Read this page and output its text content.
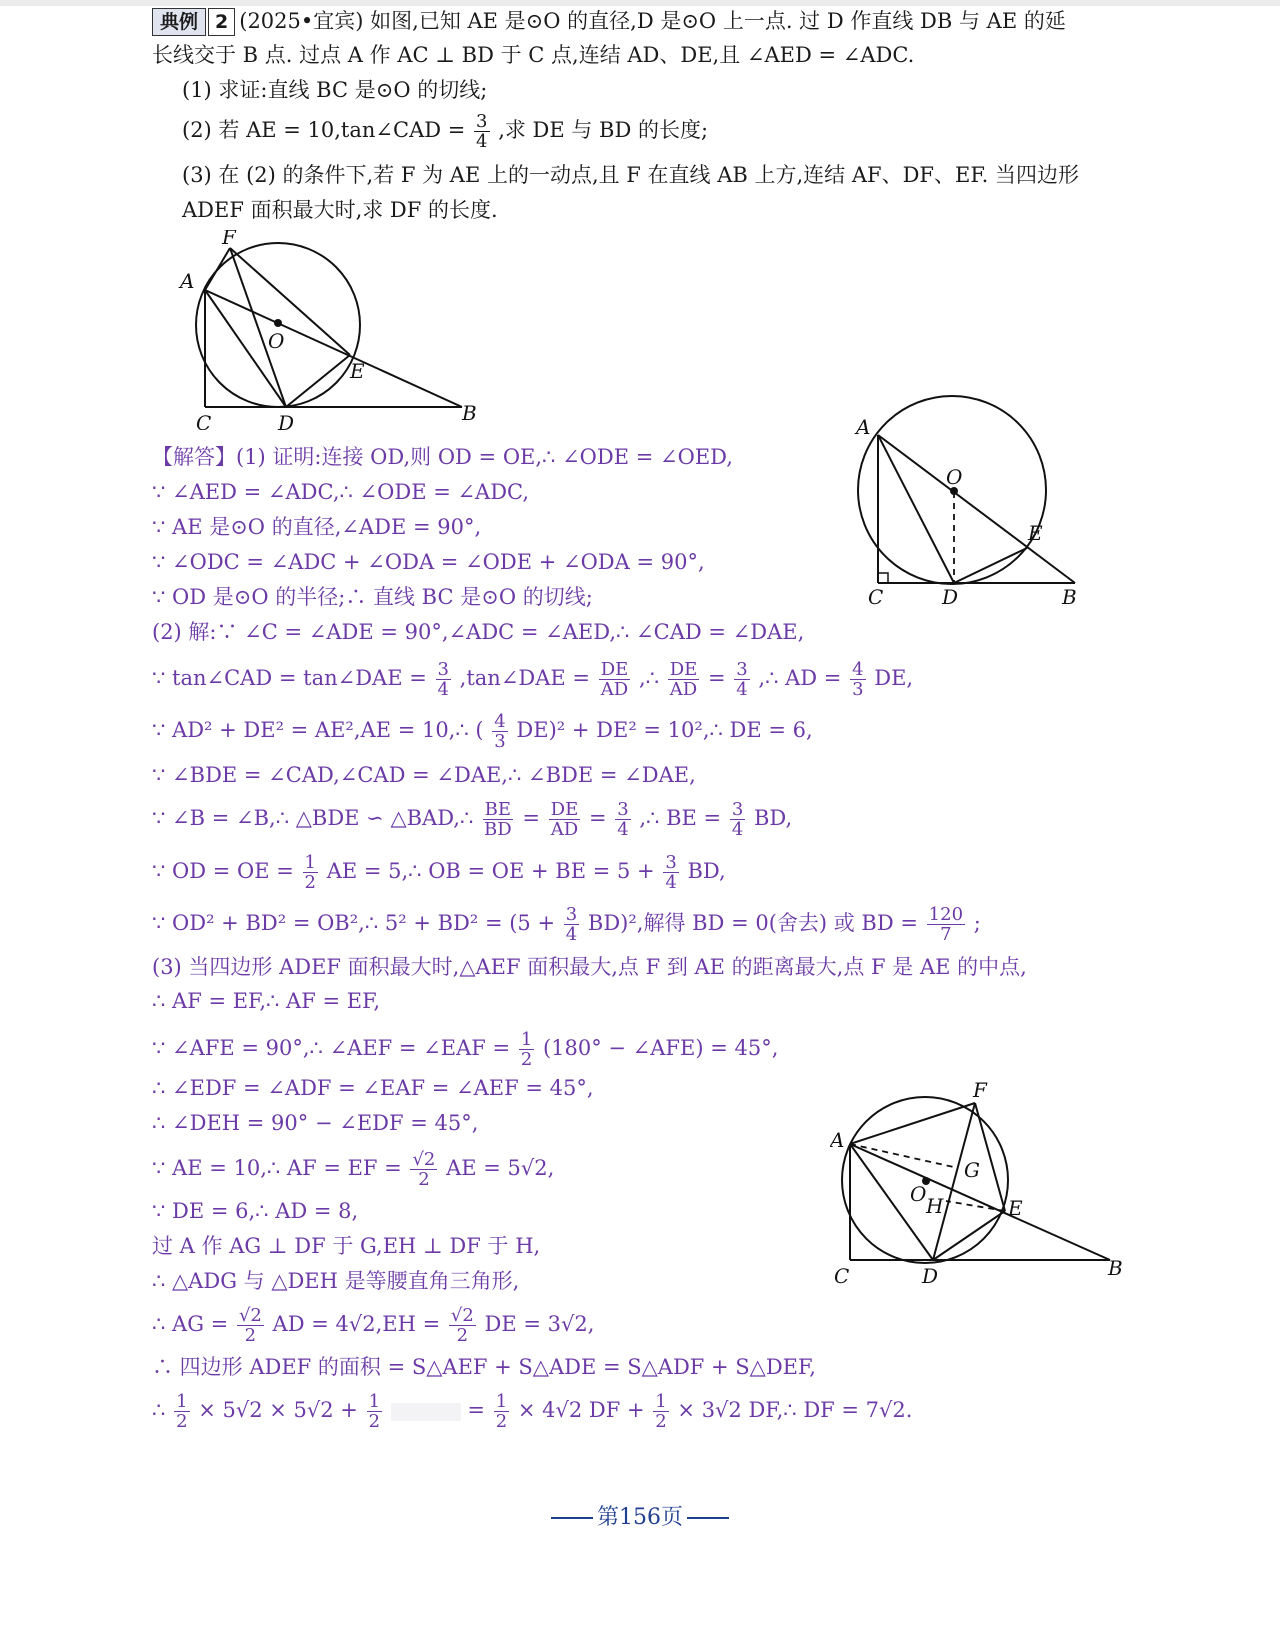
典例 2 (2025•宜宾) 如图,已知 AE 是⊙O 的直径,D 是⊙O 上一点. 过 D 作直线 DB 与 AE 的延
长线交于 B 点. 过点 A 作 AC ⊥ BD 于 C 点,连结 AD、DE,且 ∠AED = ∠ADC.
(1) 求证:直线 BC 是⊙O 的切线;
(2) 若 AE = 10,tan∠CAD = $\frac{3}{4}$ ,求 DE 与 BD 的长度;
(3) 在 (2) 的条件下,若 F 为 AE 上的一动点,且 F 在直线 AB 上方,连结 AF、DF、EF. 当四边形
ADEF 面积最大时,求 DF 的长度.
F
A
O
E
C	D	B
A
O
E
C	D	B
F
A
G
O H	E
C	D	B
【解答】(1) 证明:连接 OD,则 OD = OE,∴ ∠ODE = ∠OED,
∵ ∠AED = ∠ADC,∴ ∠ODE = ∠ADC,
∵ AE 是⊙O 的直径,∠ADE = 90°,
∵ ∠ODC = ∠ADC + ∠ODA = ∠ODE + ∠ODA = 90°,
∵ OD 是⊙O 的半径;∴ 直线 BC 是⊙O 的切线;
(2) 解:∵ ∠C = ∠ADE = 90°,∠ADC = ∠AED,∴ ∠CAD = ∠DAE,
∵ tan∠CAD = tan∠DAE = $\frac{3}{4}$ ,tan∠DAE = $\frac{DE}{AD}$ ,∴ $\frac{DE}{AD} = \frac{3}{4}$ ,∴ AD = $\frac{4}{3}$ DE,
∵ AD² + DE² = AE²,AE = 10,∴ ( $\frac{4}{3} DE)^2 + DE^2$ = 10²,∴ DE = 6,
∵ ∠BDE = ∠CAD,∠CAD = ∠DAE,∴ ∠BDE = ∠DAE,
∵ ∠B = ∠B,∴ △BDE ∽ △BAD,∴ $\frac{BE}{BD} = \frac{DE}{AD} = \frac{3}{4}$ ,∴ BE = $\frac{3}{4}$ BD,
∵ OD = OE = $\frac{1}{2}$ AE = 5,∴ OB = OE + BE = $5 + \frac{3}{4}$ BD,
∵ OD² + BD² = OB²,∴ $5^2 + BD^2 = (5 + \frac{3}{4} BD)^2$,解得 BD = 0(舍去) 或 BD = $\frac{120}{7}$ ;
(3) 当四边形 ADEF 面积最大时,△AEF 面积最大,点 F 到 AE 的距离最大,点 F 是 AE 的中点,
∴ AF = EF,∴ AF = EF,
∵ ∠AFE = 90°,∴ ∠AEF = ∠EAF = $\frac{1}{2} (180^\circ$ − ∠AFE) = 45°,
∴ ∠EDF = ∠ADF = ∠EAF = ∠AEF = 45°,
∴ ∠DEH = 90° − ∠EDF = 45°,
∵ AE = 10,∴ AF = EF = $\frac{√2}{2}$ AE = 5√2,
∵ DE = 6,∴ AD = 8,
过 A 作 AG ⊥ DF 于 G,EH ⊥ DF 于 H,
∴ △ADG 与 △DEH 是等腰直角三角形,
∴ AG = $\frac{√2}{2}$ AD = $4√2,EH = \frac{√2}{2}$ DE = 3√2,
∴ 四边形 ADEF 的面积 = S△AEF + S△ADE = S△ADF + S△DEF,
∴ $\frac{1}{2} \times 5√2 \times 5√2 + \frac{1}{2}$	= $\frac{1}{2} \times 4√2$ DF + $\frac{1}{2} \times 3√2$ DF,∴ DF = 7√2.
第156页
